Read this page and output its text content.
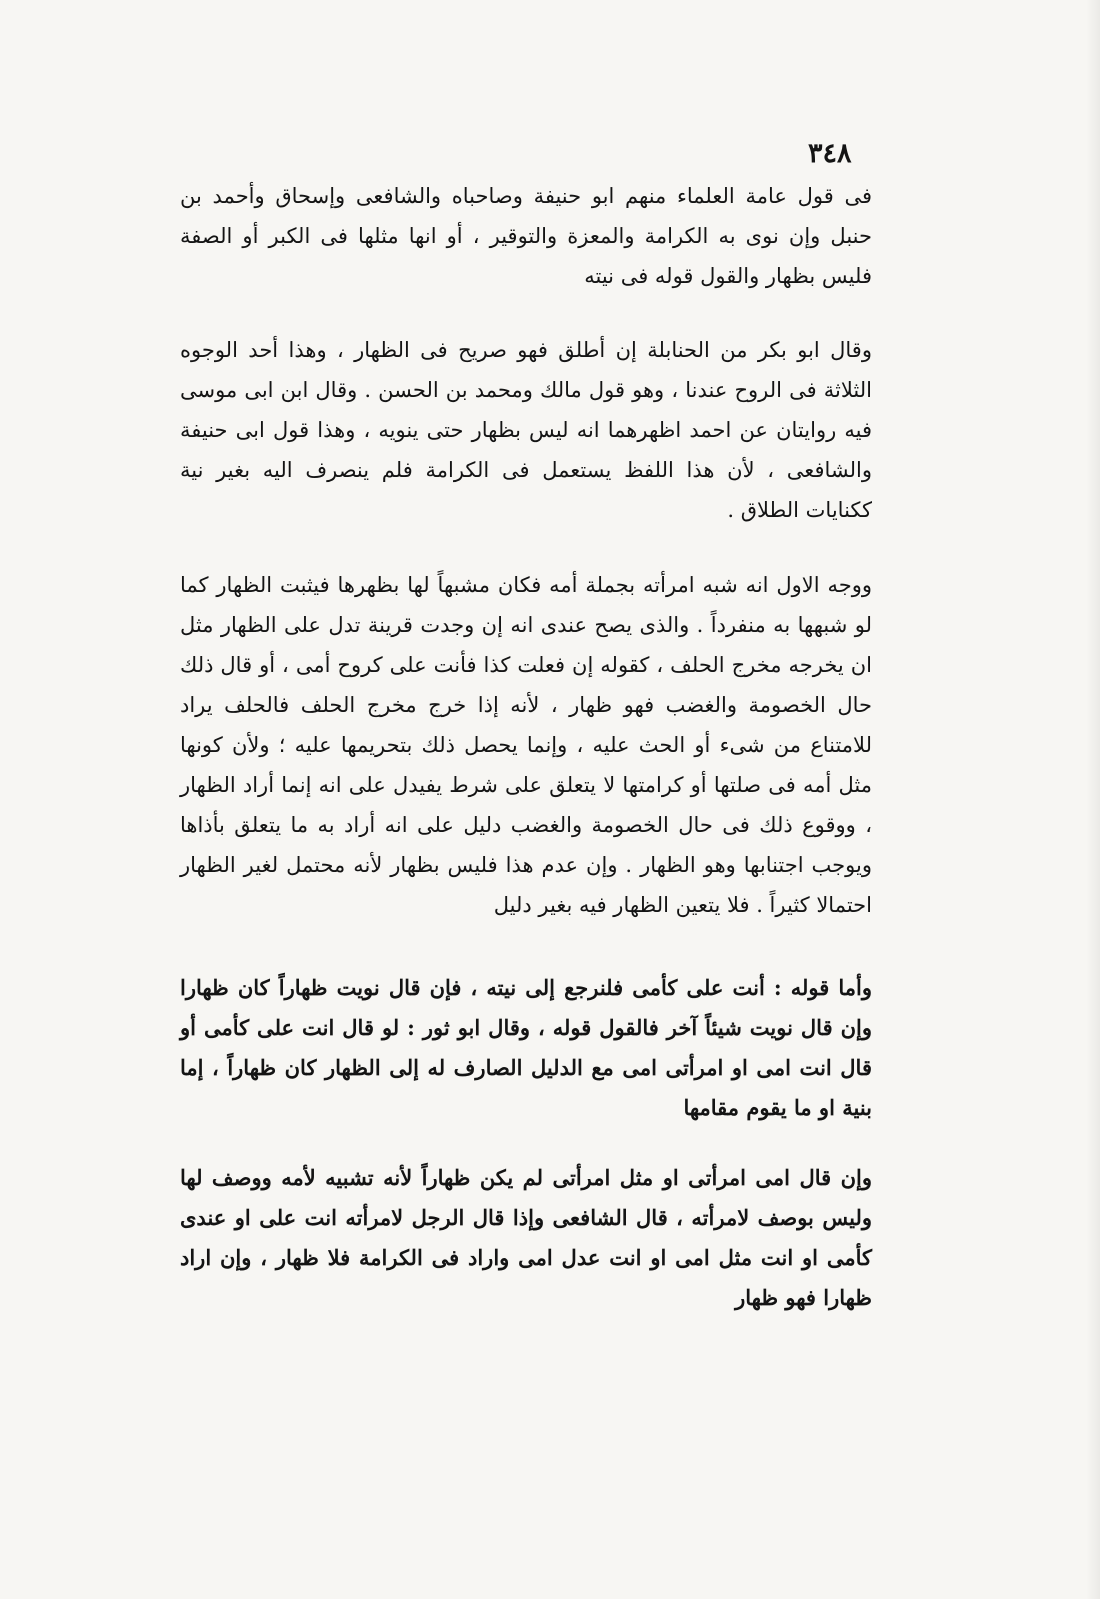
٣٤٨

فى قول عامة العلماء منهم ابو حنيفة وصاحباه والشافعى وإسحاق وأحمد بن حنبل وإن نوى به الكرامة والمعزة والتوقير ، أو انها مثلها فى الكبر أو الصفة فليس بظهار والقول قوله فى نيته

وقال ابو بكر من الحنابلة إن أطلق فهو صريح فى الظهار ، وهذا أحد الوجوه الثلاثة فى الروح عندنا ، وهو قول مالك ومحمد بن الحسن . وقال ابن ابى موسى فيه روايتان عن احمد اظهرهما انه ليس بظهار حتى ينويه ، وهذا قول ابى حنيفة والشافعى ، لأن هذا اللفظ يستعمل فى الكرامة فلم ينصرف اليه بغير نية ككنايات الطلاق .

ووجه الاول انه شبه امرأته بجملة أمه فكان مشبهاً لها بظهرها فيثبت الظهار كما لو شبهها به منفرداً . والذى يصح عندى انه إن وجدت قرينة تدل على الظهار مثل ان يخرجه مخرج الحلف ، كقوله إن فعلت كذا فأنت على كروح أمى ، أو قال ذلك حال الخصومة والغضب فهو ظهار ، لأنه إذا خرج مخرج الحلف فالحلف يراد للامتناع من شىء أو الحث عليه ، وإنما يحصل ذلك بتحريمها عليه ؛ ولأن كونها مثل أمه فى صلتها أو كرامتها لا يتعلق على شرط يفيدل على انه إنما أراد الظهار ، ووقوع ذلك فى حال الخصومة والغضب دليل على انه أراد به ما يتعلق بأذاها ويوجب اجتنابها وهو الظهار . وإن عدم هذا فليس بظهار لأنه محتمل لغير الظهار احتمالا كثيراً . فلا يتعين الظهار فيه بغير دليل

وأما قوله : أنت على كأمى فلنرجع إلى نيته ، فإن قال نويت ظهاراً كان ظهارا وإن قال نويت شيئاً آخر فالقول قوله ، وقال ابو ثور : لو قال انت على كأمى أو قال انت امى او امرأتى امى مع الدليل الصارف له إلى الظهار كان ظهاراً ، إما بنية او ما يقوم مقامها

وإن قال امى امرأتى او مثل امرأتى لم يكن ظهاراً لأنه تشبيه لأمه ووصف لها وليس بوصف لامرأته ، قال الشافعى وإذا قال الرجل لامرأته انت على او عندى كأمى او انت مثل امى او انت عدل امى واراد فى الكرامة فلا ظهار ، وإن اراد ظهارا فهو ظهار
